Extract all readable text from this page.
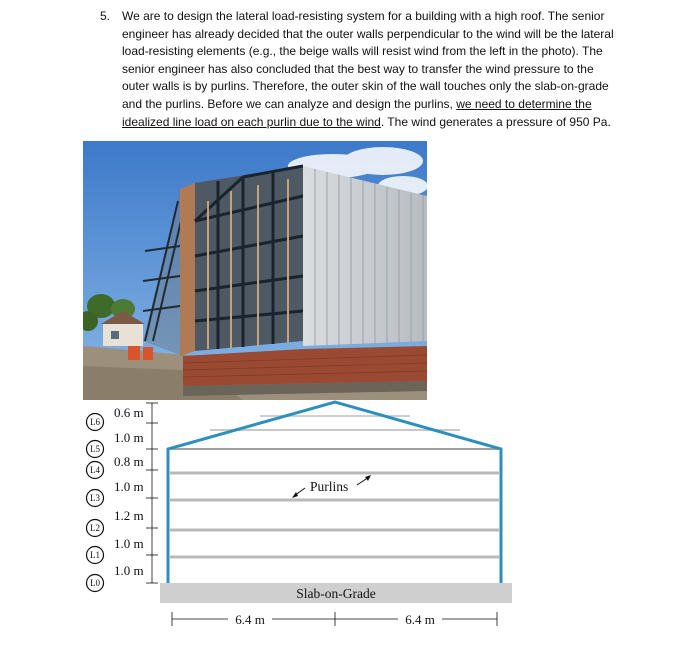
5. We are to design the lateral load-resisting system for a building with a high roof. The senior engineer has already decided that the outer walls perpendicular to the wind will be the lateral load-resisting elements (e.g., the beige walls will resist wind from the left in the photo). The senior engineer has also concluded that the best way to transfer the wind pressure to the outer walls is by purlins. Therefore, the outer skin of the wall touches only the slab-on-grade and the purlins. Before we can analyze and design the purlins, we need to determine the idealized line load on each purlin due to the wind. The wind generates a pressure of 950 Pa.
Slab-on-Grade
Purlins
L6
L5
L4
L3
L2
L1
L0
0.6 m
1.0 m
0.8 m
1.0 m
1.2 m
1.0 m
1.0 m
6.4 m	6.4 m
